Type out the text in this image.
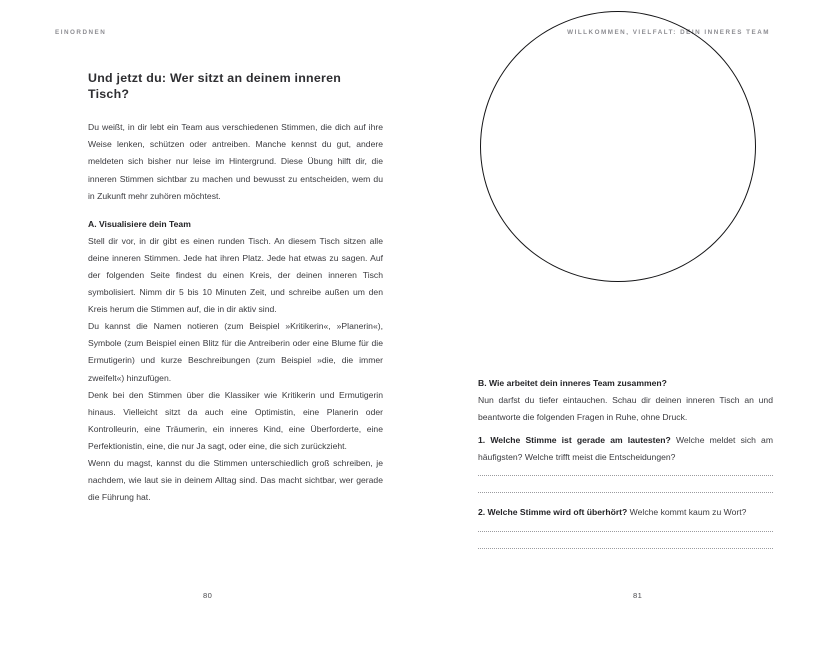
EINORDNEN	WILLKOMMEN, VIELFALT: DEIN INNERES TEAM
Und jetzt du: Wer sitzt an deinem inneren Tisch?

Du weißt, in dir lebt ein Team aus verschiedenen Stimmen, die dich auf ihre Weise lenken, schützen oder antreiben. Manche kennst du gut, andere meldeten sich bisher nur leise im Hintergrund. Diese Übung hilft dir, die inneren Stimmen sichtbar zu machen und bewusst zu entscheiden, wem du in Zukunft mehr zuhören möchtest.

A. Visualisiere dein Team

Stell dir vor, in dir gibt es einen runden Tisch. An diesem Tisch sitzen alle deine inneren Stimmen. Jede hat ihren Platz. Jede hat etwas zu sagen. Auf der folgenden Seite findest du einen Kreis, der deinen inneren Tisch symbolisiert. Nimm dir 5 bis 10 Minuten Zeit, und schreibe außen um den Kreis herum die Stimmen auf, die in dir aktiv sind.

Du kannst die Namen notieren (zum Beispiel »Kritikerin«, »Planerin«), Symbole (zum Beispiel einen Blitz für die Antreiberin oder eine Blume für die Ermutigerin) und kurze Beschreibungen (zum Beispiel »die, die immer zweifelt«) hinzufügen.

Denk bei den Stimmen über die Klassiker wie Kritikerin und Ermutigerin hinaus. Vielleicht sitzt da auch eine Optimistin, eine Planerin oder Kontrolleurin, eine Träumerin, ein inneres Kind, eine Überforderte, eine Perfektionistin, eine, die nur Ja sagt, oder eine, die sich zurückzieht.

Wenn du magst, kannst du die Stimmen unterschiedlich groß schreiben, je nachdem, wie laut sie in deinem Alltag sind. Das macht sichtbar, wer gerade die Führung hat.

B. Wie arbeitet dein inneres Team zusammen?

Nun darfst du tiefer eintauchen. Schau dir deinen inneren Tisch an und beantworte die folgenden Fragen in Ruhe, ohne Druck.

1. Welche Stimme ist gerade am lautesten? Welche meldet sich am häufigsten? Welche trifft meist die Entscheidungen?

2. Welche Stimme wird oft überhört? Welche kommt kaum zu Wort?

80	81
